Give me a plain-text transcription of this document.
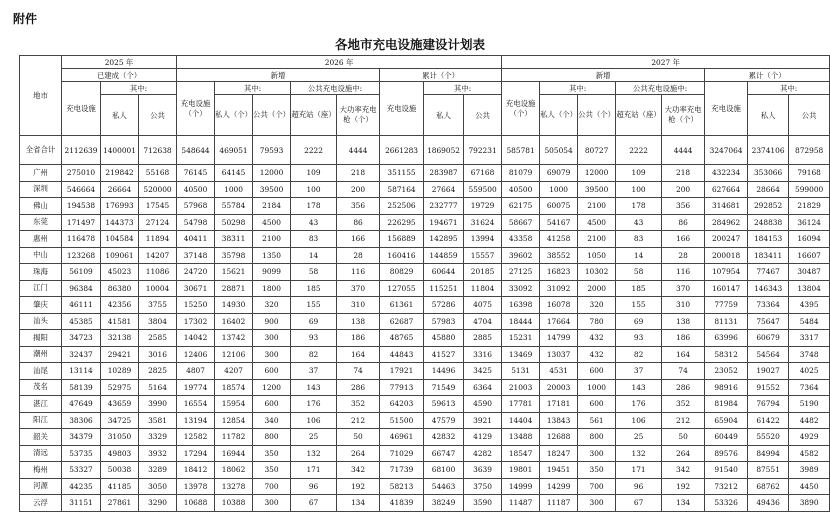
附件
各地市充电设施建设计划表
地市	2025 年			2026 年								2027 年							
	已建成（个）			新增					累计（个）			新增					累计（个）		
	充电设施	其中:		充电设施（个）	其中:		公共充电设施中:		充电设施	其中:		充电设施（个）	其中:		公共充电设施中:		充电设施	其中:	
		私人	公共		私人（个）	公共（个）	超充站（座）	大功率充电枪（个）		私人	公共		私人（个）	公共（个）	超充站（座）	大功率充电枪（个）		私人	公共
全省合计	2112639	1400001	712638	548644	469051	79593	2222	4444	2661283	1869052	792231	585781	505054	80727	2222	4444	3247064	2374106	872958
广州	275010	219842	55168	76145	64145	12000	109	218	351155	283987	67168	81079	69079	12000	109	218	432234	353066	79168
深圳	546664	26664	520000	40500	1000	39500	100	200	587164	27664	559500	40500	1000	39500	100	200	627664	28664	599000
佛山	194538	176993	17545	57968	55784	2184	178	356	252506	232777	19729	62175	60075	2100	178	356	314681	292852	21829
东莞	171497	144373	27124	54798	50298	4500	43	86	226295	194671	31624	58667	54167	4500	43	86	284962	248838	36124
惠州	116478	104584	11894	40411	38311	2100	83	166	156889	142895	13994	43358	41258	2100	83	166	200247	184153	16094
中山	123268	109061	14207	37148	35798	1350	14	28	160416	144859	15557	39602	38552	1050	14	28	200018	183411	16607
珠海	56109	45023	11086	24720	15621	9099	58	116	80829	60644	20185	27125	16823	10302	58	116	107954	77467	30487
江门	96384	86380	10004	30671	28871	1800	185	370	127055	115251	11804	33092	31092	2000	185	370	160147	146343	13804
肇庆	46111	42356	3755	15250	14930	320	155	310	61361	57286	4075	16398	16078	320	155	310	77759	73364	4395
汕头	45385	41581	3804	17302	16402	900	69	138	62687	57983	4704	18444	17664	780	69	138	81131	75647	5484
揭阳	34723	32138	2585	14042	13742	300	93	186	48765	45880	2885	15231	14799	432	93	186	63996	60679	3317
潮州	32437	29421	3016	12406	12106	300	82	164	44843	41527	3316	13469	13037	432	82	164	58312	54564	3748
汕尾	13114	10289	2825	4807	4207	600	37	74	17921	14496	3425	5131	4531	600	37	74	23052	19027	4025
茂名	58139	52975	5164	19774	18574	1200	143	286	77913	71549	6364	21003	20003	1000	143	286	98916	91552	7364
湛江	47649	43659	3990	16554	15954	600	176	352	64203	59613	4590	17781	17181	600	176	352	81984	76794	5190
阳江	38306	34725	3581	13194	12854	340	106	212	51500	47579	3921	14404	13843	561	106	212	65904	61422	4482
韶关	34379	31050	3329	12582	11782	800	25	50	46961	42832	4129	13488	12688	800	25	50	60449	55520	4929
清远	53735	49803	3932	17294	16944	350	132	264	71029	66747	4282	18547	18247	300	132	264	89576	84994	4582
梅州	53327	50038	3289	18412	18062	350	171	342	71739	68100	3639	19801	19451	350	171	342	91540	87551	3989
河源	44235	41185	3050	13978	13278	700	96	192	58213	54463	3750	14999	14299	700	96	192	73212	68762	4450
云浮	31151	27861	3290	10688	10388	300	67	134	41839	38249	3590	11487	11187	300	67	134	53326	49436	3890
